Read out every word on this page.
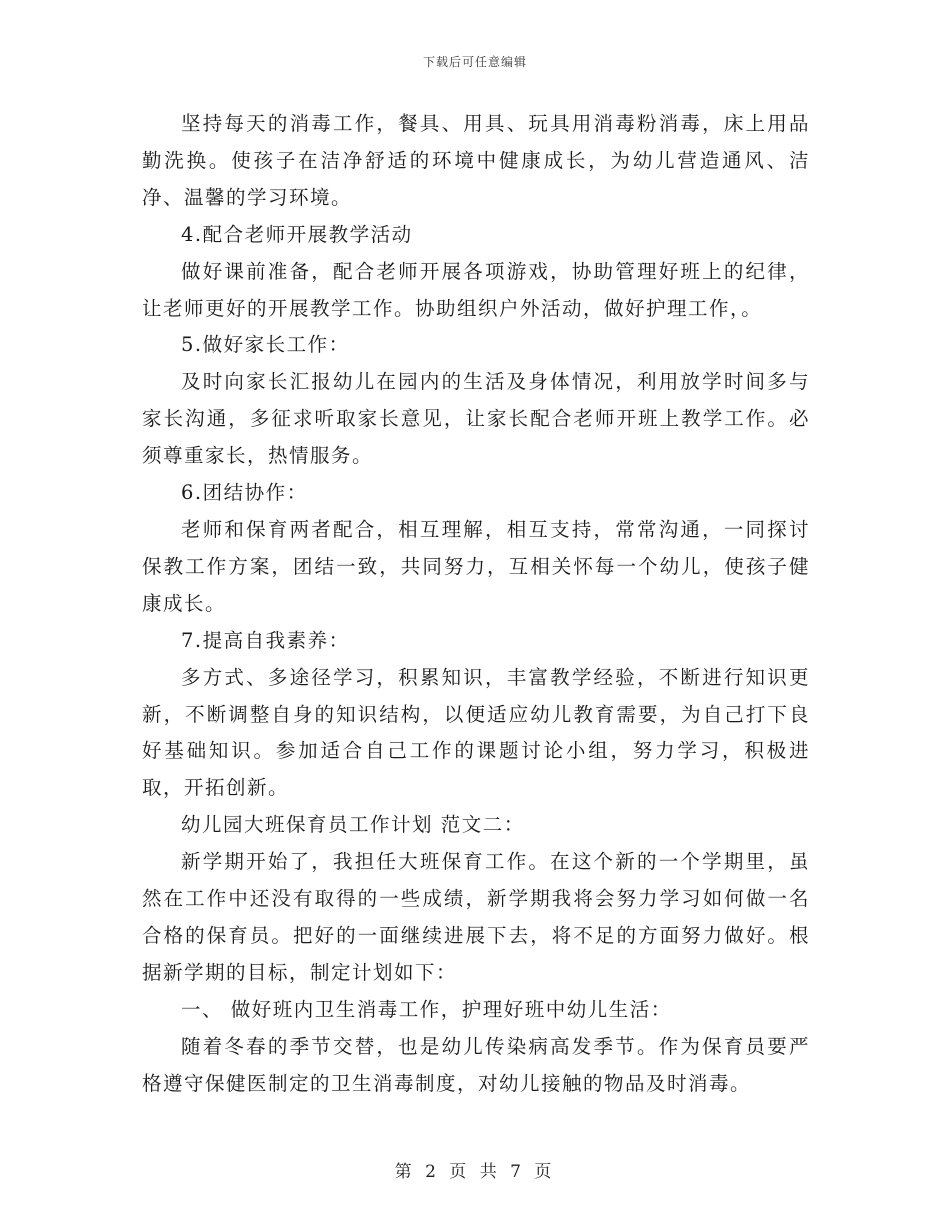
下载后可任意编辑

坚持每天的消毒工作，餐具、用具、玩具用消毒粉消毒，床上用品勤洗换。使孩子在洁净舒适的环境中健康成长，为幼儿营造通风、洁净、温馨的学习环境。

4.配合老师开展教学活动

做好课前准备，配合老师开展各项游戏，协助管理好班上的纪律，让老师更好的开展教学工作。协助组织户外活动，做好护理工作，。

5.做好家长工作：

及时向家长汇报幼儿在园内的生活及身体情况，利用放学时间多与家长沟通，多征求听取家长意见，让家长配合老师开班上教学工作。必须尊重家长，热情服务。

6.团结协作：

老师和保育两者配合，相互理解，相互支持，常常沟通，一同探讨保教工作方案，团结一致，共同努力，互相关怀每一个幼儿，使孩子健康成长。

7.提高自我素养：

多方式、多途径学习，积累知识，丰富教学经验，不断进行知识更新，不断调整自身的知识结构，以便适应幼儿教育需要，为自己打下良好基础知识。参加适合自己工作的课题讨论小组，努力学习，积极进取，开拓创新。

幼儿园大班保育员工作计划 范文二：

新学期开始了，我担任大班保育工作。在这个新的一个学期里，虽然在工作中还没有取得的一些成绩，新学期我将会努力学习如何做一名合格的保育员。把好的一面继续进展下去，将不足的方面努力做好。根据新学期的目标，制定计划如下：

一、 做好班内卫生消毒工作，护理好班中幼儿生活：

随着冬春的季节交替，也是幼儿传染病高发季节。作为保育员要严格遵守保健医制定的卫生消毒制度，对幼儿接触的物品及时消毒。

第 2 页 共 7 页
